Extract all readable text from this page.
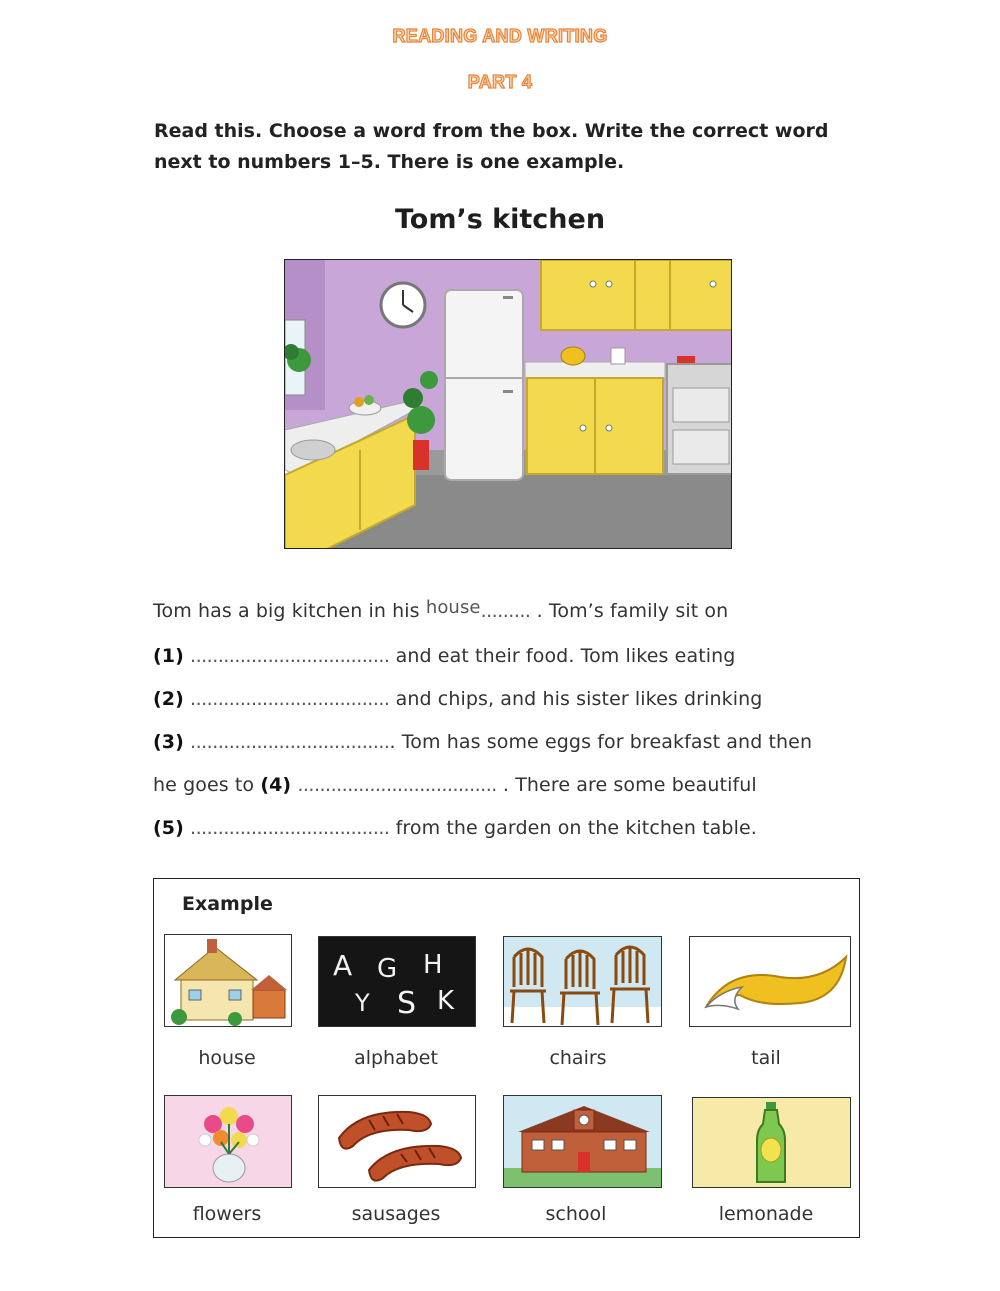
READING AND WRITING
PART 4
Read this. Choose a word from the box. Write the correct word
next to numbers 1–5. There is one example.
Tom’s kitchen
Tom has a big kitchen in his house......... . Tom’s family sit on
(1) .................................... and eat their food. Tom likes eating
(2) .................................... and chips, and his sister likes drinking
(3) ..................................... Tom has some eggs for breakfast and then
he goes to (4) .................................... . There are some beautiful
(5) .................................... from the garden on the kitchen table.
Example
A G H
Y S K
house	alphabet	chairs	tail
flowers	sausages	school	lemonade
